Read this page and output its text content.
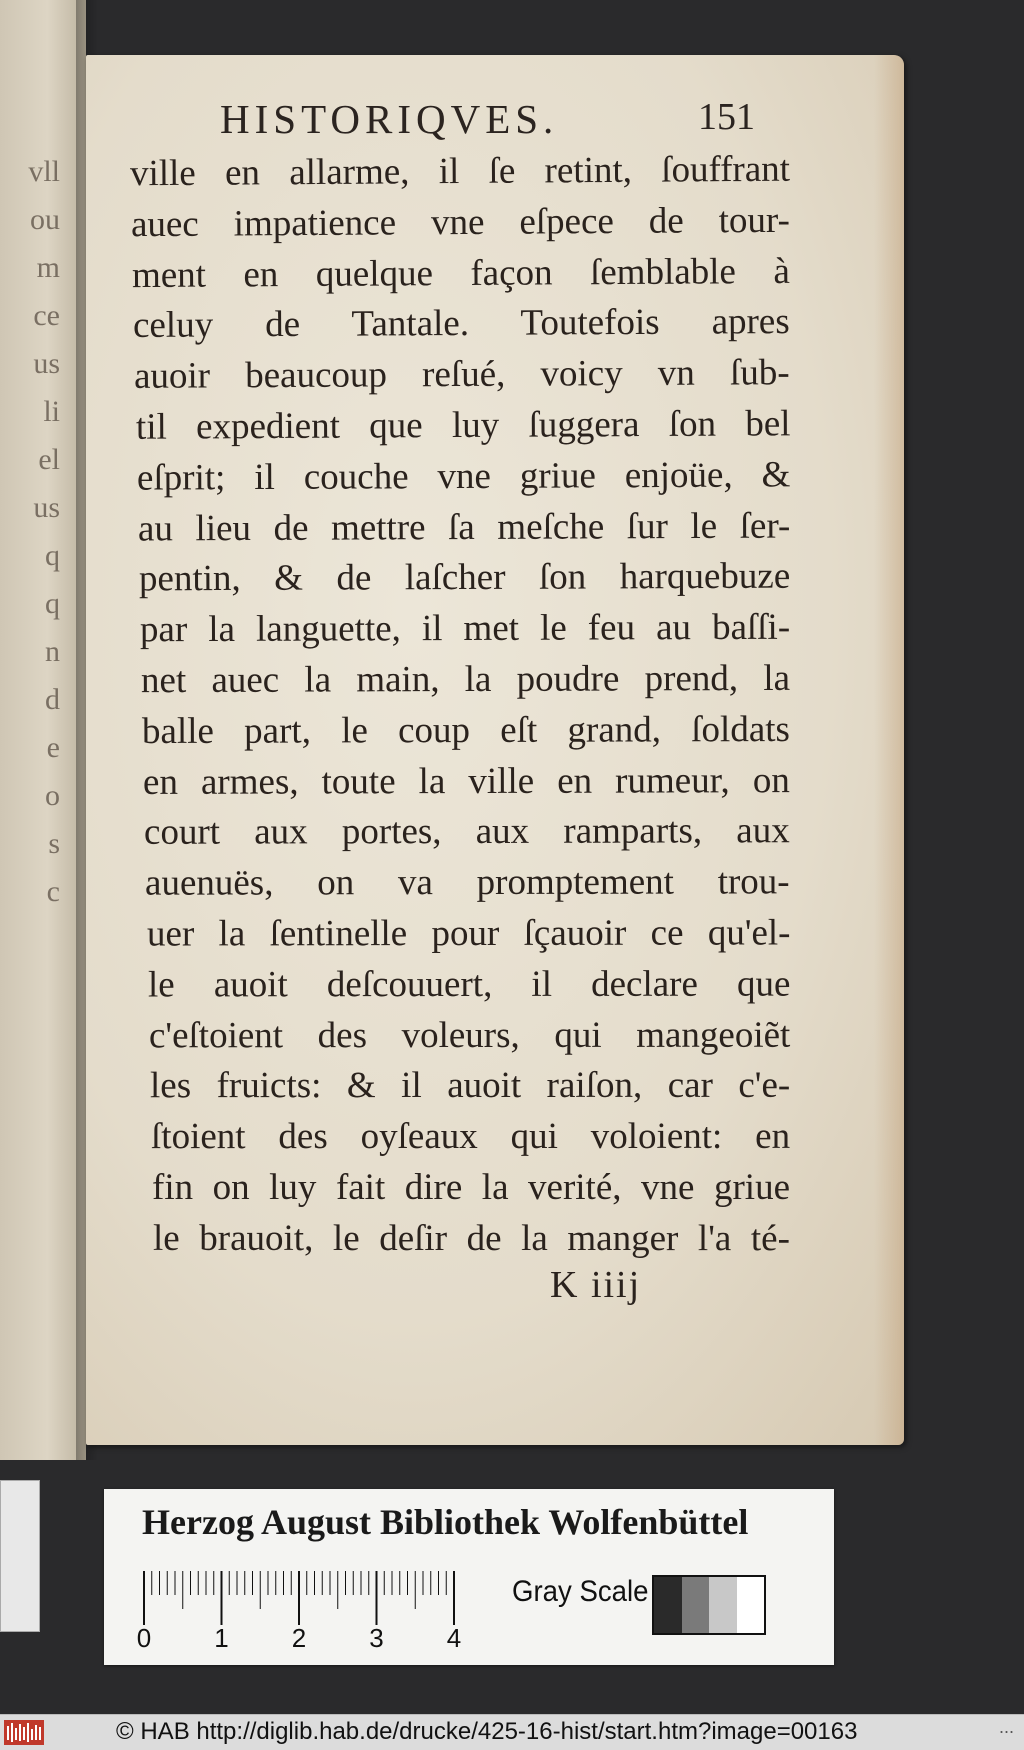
vll
ou
m
ce
us
li
el
us
q
q
n
d
e
o
s
c
HISTORIQVES.	151
ville en allarme, il ſe retint, ſouffrant
auec impatience vne eſpece de tour-
ment en quelque façon ſemblable à
celuy de Tantale. Toutefois apres
auoir beaucoup reſué, voicy vn ſub-
til expedient que luy ſuggera ſon bel
eſprit; il couche vne griue enjoüe, &
au lieu de mettre ſa meſche ſur le ſer-
pentin, & de laſcher ſon harquebuze
par la languette, il met le feu au baſſi-
net auec la main, la poudre prend, la
balle part, le coup eſt grand, ſoldats
en armes, toute la ville en rumeur, on
court aux portes, aux ramparts, aux
auenuës, on va promptement trou-
uer la ſentinelle pour ſçauoir ce qu'el-
le auoit deſcouuert, il declare que
c'eſtoient des voleurs, qui mangeoiẽt
les fruicts: & il auoit raiſon, car c'e-
ſtoient des oyſeaux qui voloient: en
fin on luy fait dire la verité, vne griue
le brauoit, le deſir de la manger l'a té-
K iiij
Herzog August Bibliothek Wolfenbüttel
0 1 2 3 4
Gray Scale
© HAB http://diglib.hab.de/drucke/425-16-hist/start.htm?image=00163	...
